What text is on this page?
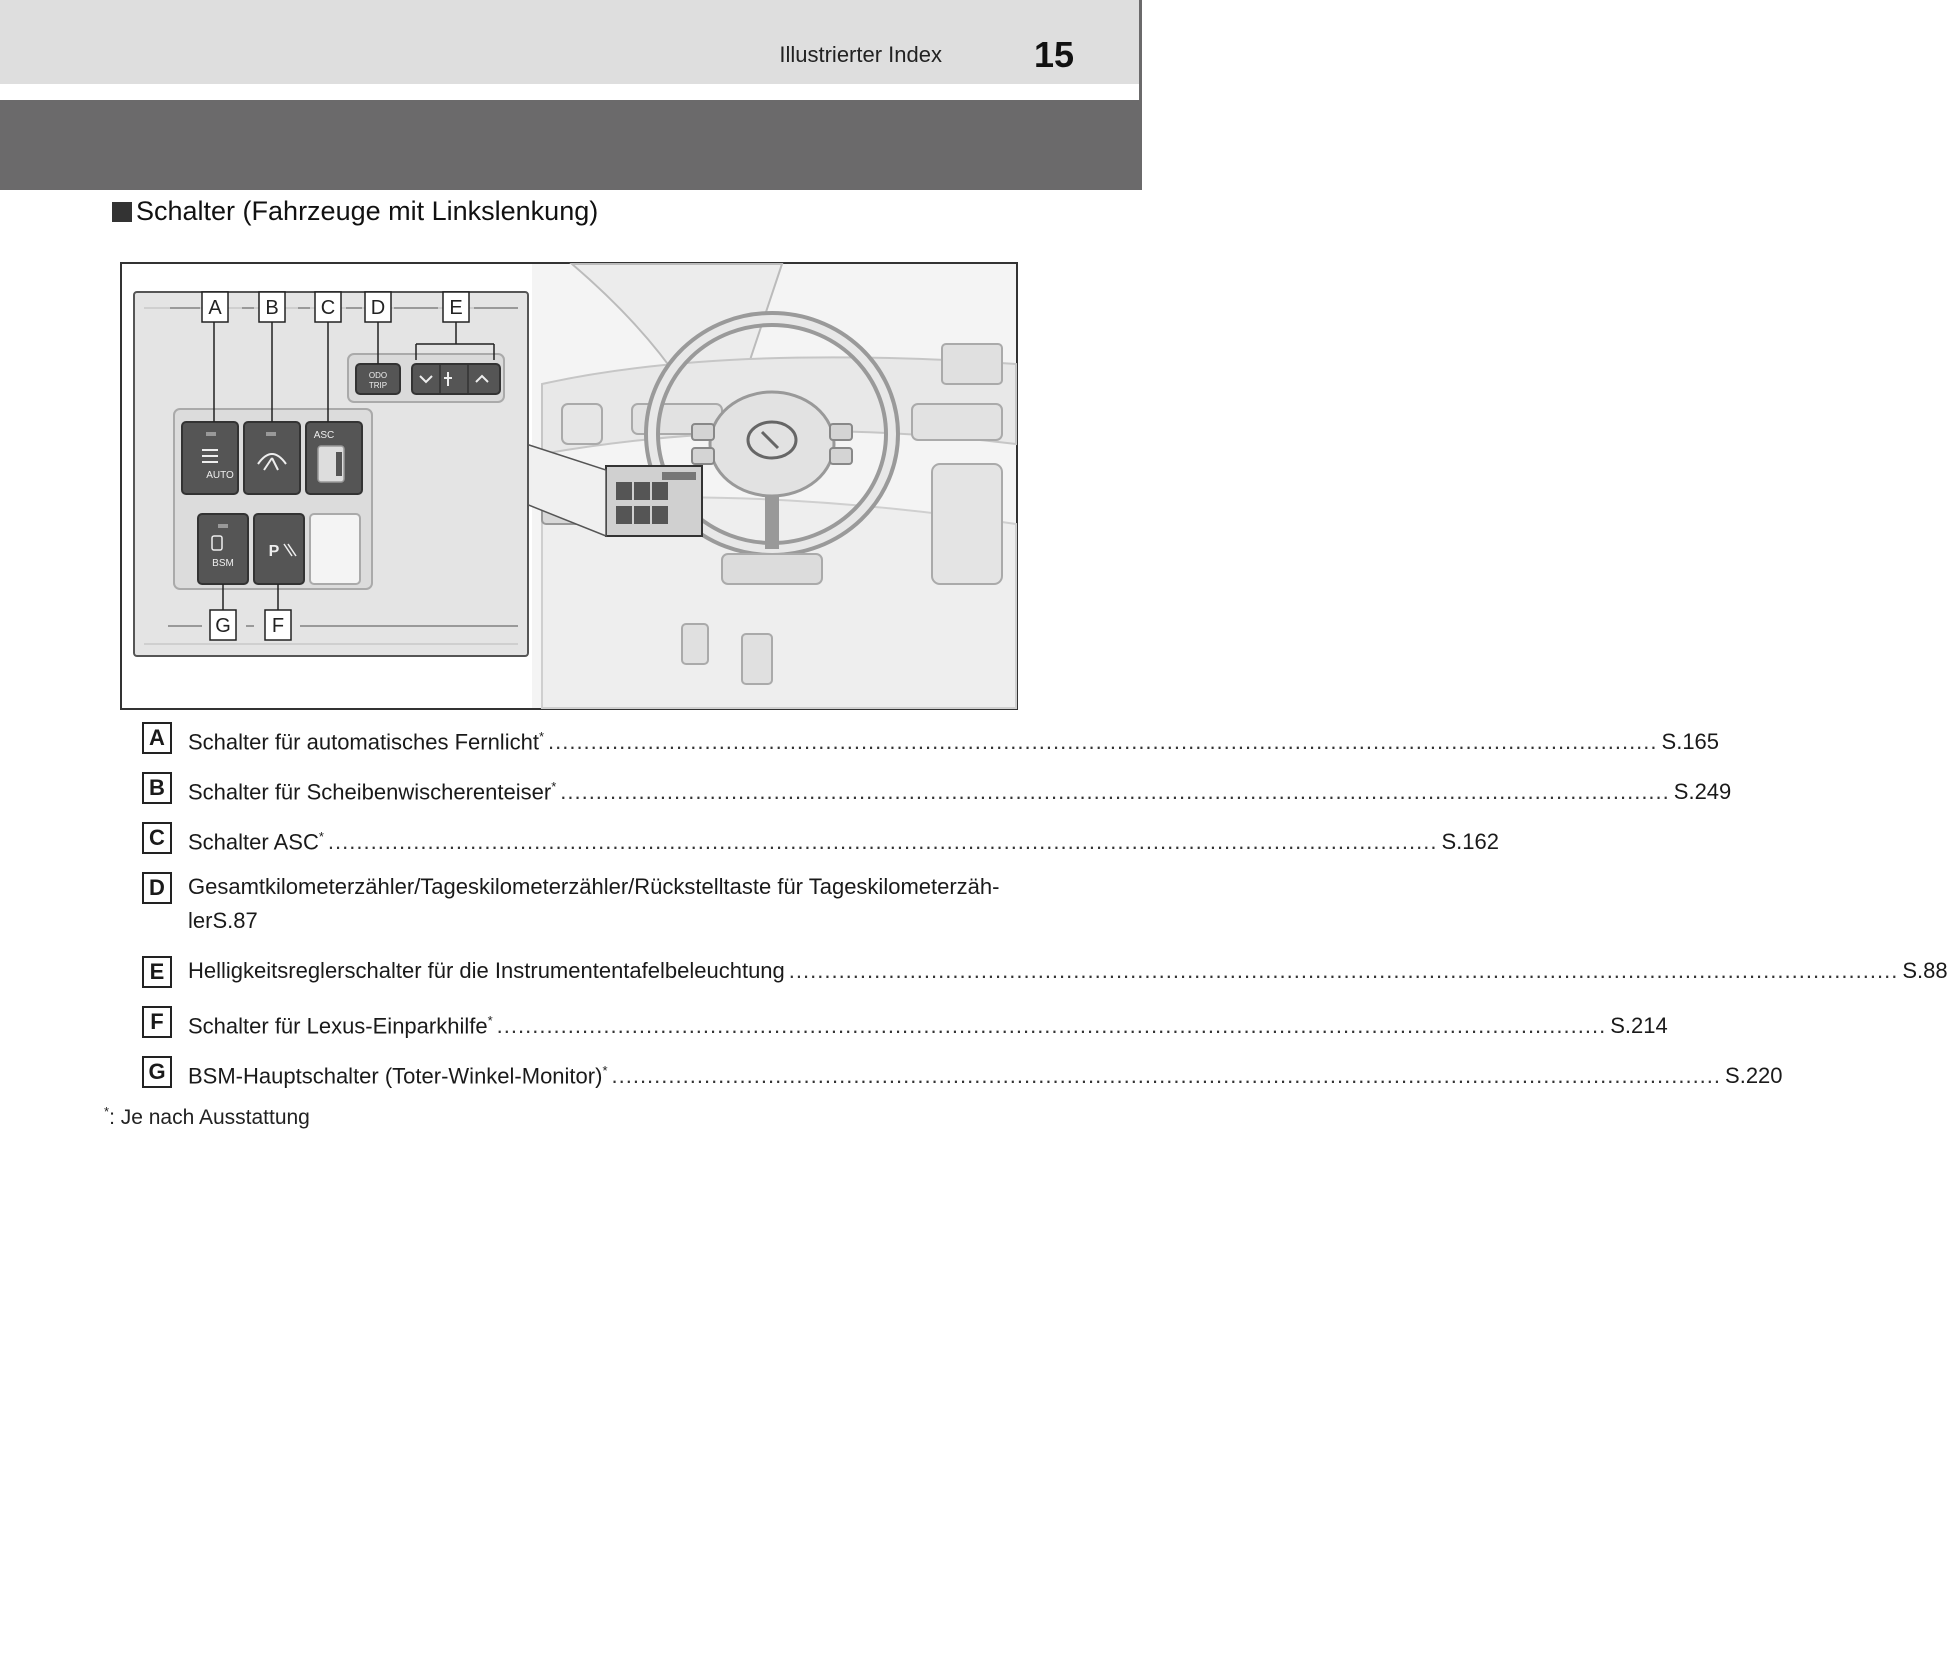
Illustrierter Index	15
Schalter (Fahrzeuge mit Linkslenkung)
AUTO
ASC
BSM
P
ODO
TRIP
A B C D	E
G F
A	Schalter für automatisches Fernlicht* ............................................................................................................................................................ S.165
B	Schalter für Scheibenwischerenteiser* ............................................................................................................................................................ S.249
C	Schalter ASC* ............................................................................................................................................................ S.162
D	Gesamtkilometerzähler/Tageskilometerzähler/Rückstelltaste für Tageskilometerzäh-lerS.87
E	Helligkeitsreglerschalter für die Instrumententafelbeleuchtung ............................................................................................................................................................ S.88
F	Schalter für Lexus-Einparkhilfe* ............................................................................................................................................................ S.214
G BSM-Hauptschalter (Toter-Winkel-Monitor)* ............................................................................................................................................................ S.220
*: Je nach Ausstattung
